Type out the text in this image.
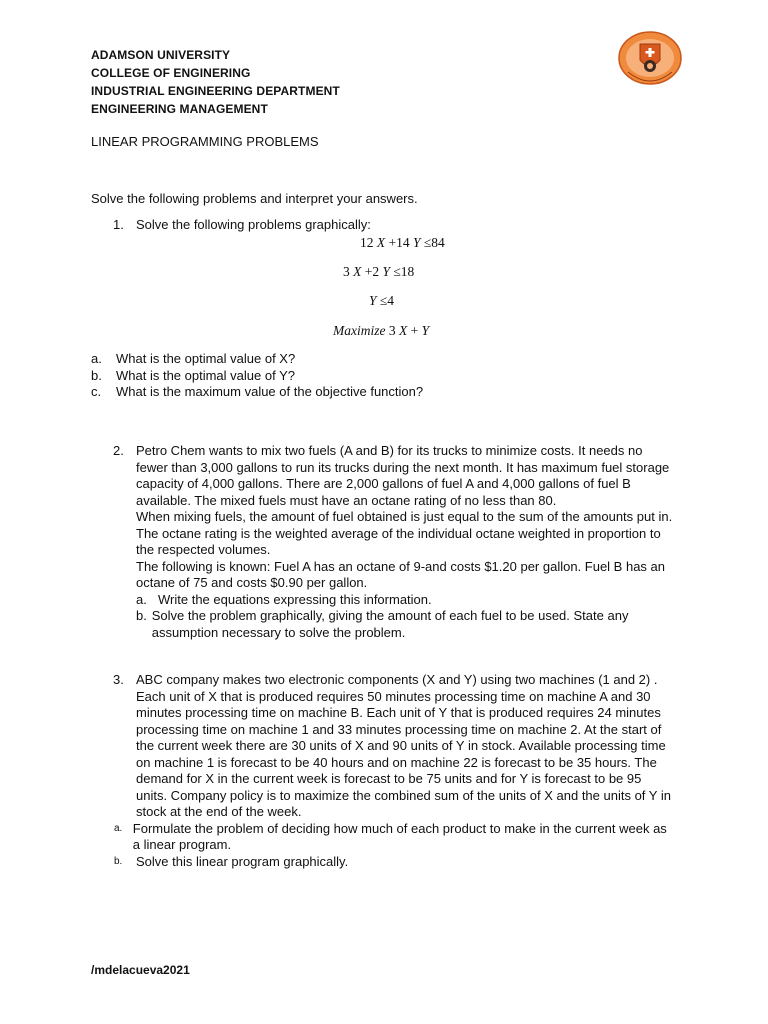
ADAMSON UNIVERSITY
COLLEGE OF ENGINERING
INDUSTRIAL ENGINEERING DEPARTMENT
ENGINEERING MANAGEMENT
LINEAR PROGRAMMING PROBLEMS
Solve the following problems and interpret your answers.
1. Solve the following problems graphically:
12 X +14 Y ≤84
3 X +2 Y ≤18
Y ≤4
Maximize 3 X + Y
a.	What is the optimal value of X?
b.	What is the optimal value of Y?
c.	What is the maximum value of the objective function?
2. Petro Chem wants to mix two fuels (A and B) for its trucks to minimize costs. It needs no fewer than 3,000 gallons to run its trucks during the next month. It has maximum fuel storage capacity of 4,000 gallons. There are 2,000 gallons of fuel A and 4,000 gallons of fuel B available. The mixed fuels must have an octane rating of no less than 80.

When mixing fuels, the amount of fuel obtained is just equal to the sum of the amounts put in. The octane rating is the weighted average of the individual octane weighted in proportion to the respected volumes.

The following is known: Fuel A has an octane of 9-and costs $1.20 per gallon. Fuel B has an octane of 75 and costs $0.90 per gallon.

a. Write the equations expressing this information.
b. Solve the problem graphically, giving the amount of each fuel to be used. State any assumption necessary to solve the problem.
3. ABC company makes two electronic components (X and Y) using two machines (1 and 2) . Each unit of X that is produced requires 50 minutes processing time on machine A and 30 minutes processing time on machine B. Each unit of Y that is produced requires 24 minutes processing time on machine 1 and 33 minutes processing time on machine 2. At the start of the current week there are 30 units of X and 90 units of Y in stock. Available processing time on machine 1 is forecast to be 40 hours and on machine 22 is forecast to be 35 hours. The demand for X in the current week is forecast to be 75 units and for Y is forecast to be 95 units. Company policy is to maximize the combined sum of the units of X and the units of Y in stock at the end of the week.

a. Formulate the problem of deciding how much of each product to make in the current week as a linear program.
b.	Solve this linear program graphically.
/mdelacueva2021
